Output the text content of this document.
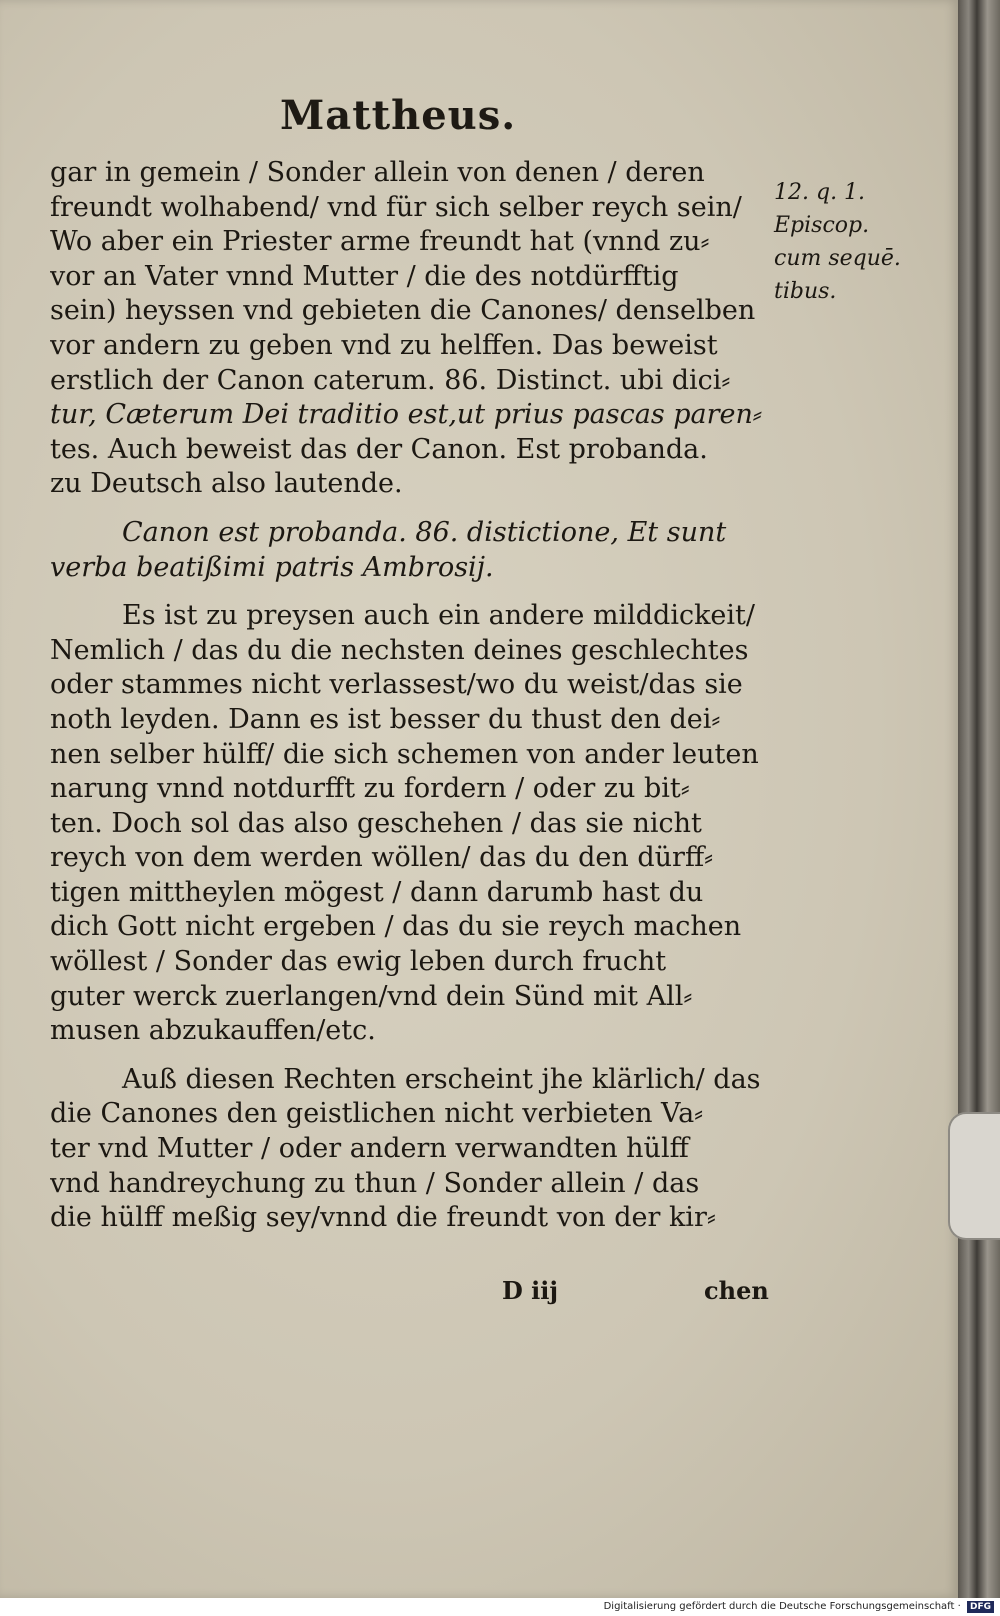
Mattheus.
gar in gemein / Sonder allein von denen / deren
freundt wolhabend/ vnd für sich selber reych sein/
Wo aber ein Priester arme freundt hat (vnnd zu⸗
vor an Vater vnnd Mutter / die des notdürfftig
sein) heyssen vnd gebieten die Canones/ denselben
vor andern zu geben vnd zu helffen. Das beweist
erstlich der Canon caterum. 86. Distinct. ubi dici⸗
tur, Cæterum Dei traditio est,ut prius pascas paren⸗
tes. Auch beweist das der Canon. Est probanda.
zu Deutsch also lautende.
Canon est probanda. 86. distictione, Et sunt
verba beatißimi patris Ambrosij.
Es ist zu preysen auch ein andere milddickeit/
Nemlich / das du die nechsten deines geschlechtes
oder stammes nicht verlassest/wo du weist/das sie
noth leyden. Dann es ist besser du thust den dei⸗
nen selber hülff/ die sich schemen von ander leuten
narung vnnd notdurfft zu fordern / oder zu bit⸗
ten. Doch sol das also geschehen / das sie nicht
reych von dem werden wöllen/ das du den dürff⸗
tigen mittheylen mögest / dann darumb hast du
dich Gott nicht ergeben / das du sie reych machen
wöllest / Sonder das ewig leben durch frucht
guter werck zuerlangen/vnd dein Sünd mit All⸗
musen abzukauffen/etc.
Auß diesen Rechten erscheint jhe klärlich/ das
die Canones den geistlichen nicht verbieten Va⸗
ter vnd Mutter / oder andern verwandten hülff
vnd handreychung zu thun / Sonder allein / das
die hülff meßig sey/vnnd die freundt von der kir⸗
12. q. 1.
Episcop.
cum sequē.
tibus.
D iij	chen
Digitalisierung gefördert durch die Deutsche Forschungsgemeinschaft · DFG
